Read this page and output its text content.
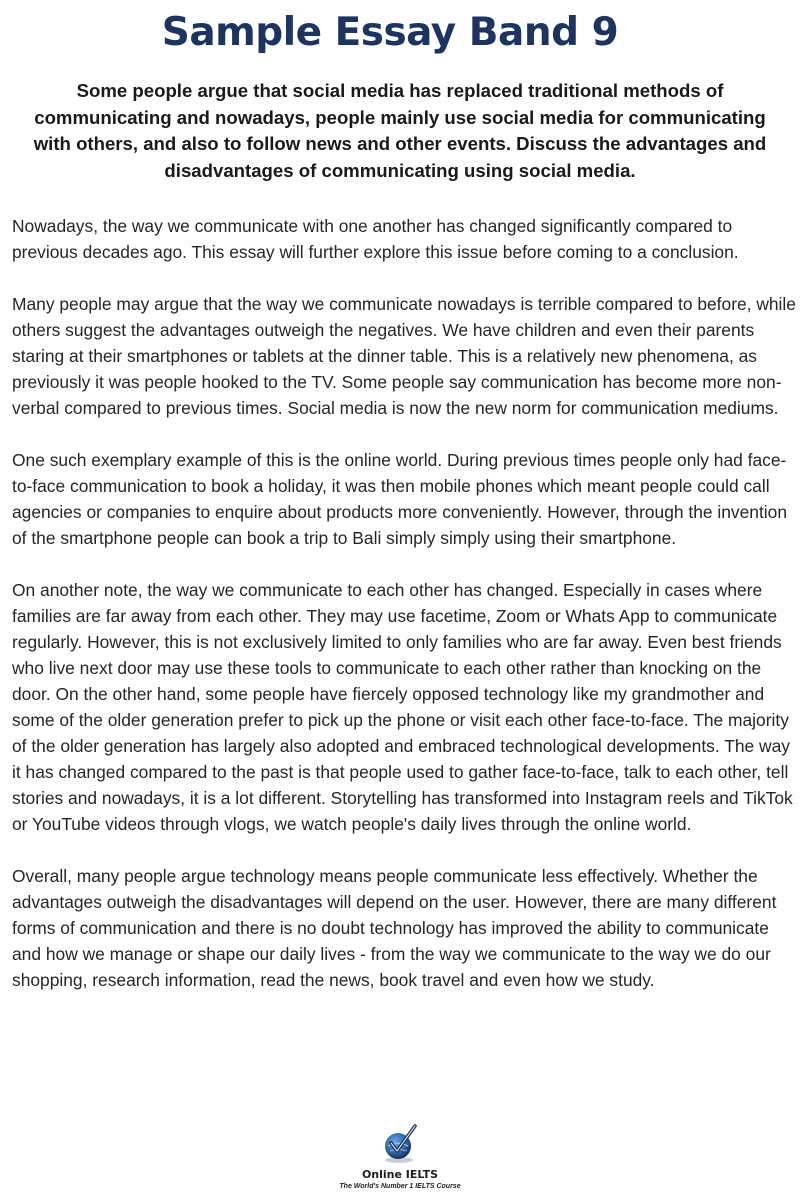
Sample Essay Band 9

Some people argue that social media has replaced traditional methods of communicating and nowadays, people mainly use social media for communicating with others, and also to follow news and other events. Discuss the advantages and disadvantages of communicating using social media.

Nowadays, the way we communicate with one another has changed significantly compared to previous decades ago. This essay will further explore this issue before coming to a conclusion.

Many people may argue that the way we communicate nowadays is terrible compared to before, while others suggest the advantages outweigh the negatives. We have children and even their parents staring at their smartphones or tablets at the dinner table. This is a relatively new phenomena, as previously it was people hooked to the TV. Some people say communication has become more non-verbal compared to previous times. Social media is now the new norm for communication mediums.

One such exemplary example of this is the online world. During previous times people only had face-to-face communication to book a holiday, it was then mobile phones which meant people could call agencies or companies to enquire about products more conveniently. However, through the invention of the smartphone people can book a trip to Bali simply simply using their smartphone.

On another note, the way we communicate to each other has changed. Especially in cases where families are far away from each other. They may use facetime, Zoom or Whats App to communicate regularly. However, this is not exclusively limited to only families who are far away. Even best friends who live next door may use these tools to communicate to each other rather than knocking on the door. On the other hand, some people have fiercely opposed technology like my grandmother and some of the older generation prefer to pick up the phone or visit each other face-to-face. The majority of the older generation has largely also adopted and embraced technological developments. The way it has changed compared to the past is that people used to gather face-to-face, talk to each other, tell stories and nowadays, it is a lot different. Storytelling has transformed into Instagram reels and TikTok or YouTube videos through vlogs, we watch people's daily lives through the online world.

Overall, many people argue technology means people communicate less effectively. Whether the advantages outweigh the disadvantages will depend on the user. However, there are many different forms of communication and there is no doubt technology has improved the ability to communicate and how we manage or shape our daily lives - from the way we communicate to the way we do our shopping, research information, read the news, book travel and even how we study.

Online IELTS
The World's Number 1 IELTS Course
